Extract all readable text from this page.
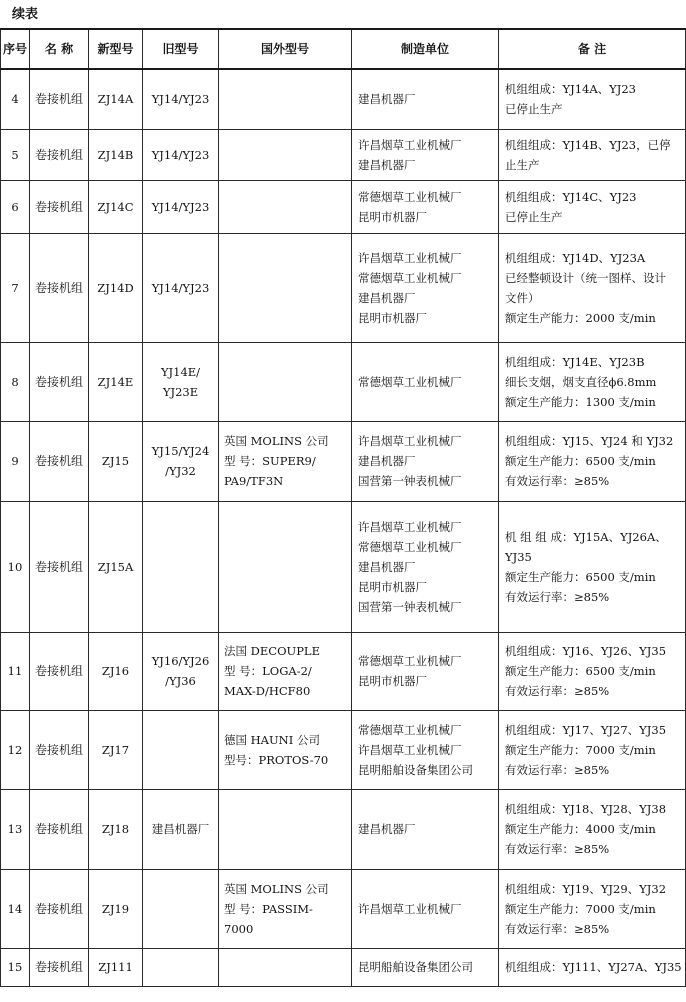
续表
序号	名 称	新型号	旧型号	国外型号	制造单位	备 注
4	卷接机组	ZJ14A	YJ14/YJ23		建昌机器厂	机组组成：YJ14A、YJ23
已停止生产

5	卷接机组	ZJ14B	YJ14/YJ23		许昌烟草工业机械厂
建昌机器厂	机组组成：YJ14B、YJ23，已停
止生产

6	卷接机组	ZJ14C	YJ14/YJ23		常德烟草工业机械厂
昆明市机器厂	机组组成：YJ14C、YJ23
已停止生产

7	卷接机组	ZJ14D	YJ14/YJ23		许昌烟草工业机械厂
常德烟草工业机械厂
建昌机器厂
昆明市机器厂	机组组成：YJ14D、YJ23A
已经整顿设计（统一图样、设计
文件）
额定生产能力：2000 支/min

8	卷接机组	ZJ14E	YJ14E/
YJ23E		常德烟草工业机械厂	机组组成：YJ14E、YJ23B
细长支烟，烟支直径ϕ6.8mm
额定生产能力：1300 支/min

9	卷接机组	ZJ15	YJ15/YJ24
/YJ32	英国 MOLINS 公司
型 号：SUPER9/
PA9/TF3N	许昌烟草工业机械厂
建昌机器厂
国营第一钟表机械厂	机组组成：YJ15、YJ24 和 YJ32
额定生产能力：6500 支/min
有效运行率：≥85%

10	卷接机组	ZJ15A			许昌烟草工业机械厂
常德烟草工业机械厂
建昌机器厂
昆明市机器厂
国营第一钟表机械厂	机 组 组 成：YJ15A、YJ26A、
YJ35
额定生产能力：6500 支/min
有效运行率：≥85%

11	卷接机组	ZJ16	YJ16/YJ26
/YJ36	法国 DECOUPLE
型 号：LOGA-2/
MAX-D/HCF80	常德烟草工业机械厂
昆明市机器厂	机组组成：YJ16、YJ26、YJ35
额定生产能力：6500 支/min
有效运行率：≥85%

12	卷接机组	ZJ17		德国 HAUNI 公司
型号：PROTOS-70	常德烟草工业机械厂
许昌烟草工业机械厂
昆明船舶设备集团公司	机组组成：YJ17、YJ27、YJ35
额定生产能力：7000 支/min
有效运行率：≥85%

13	卷接机组	ZJ18	建昌机器厂		建昌机器厂	机组组成：YJ18、YJ28、YJ38
额定生产能力：4000 支/min
有效运行率：≥85%

14	卷接机组	ZJ19		英国 MOLINS 公司
型 号：PASSIM-
7000	许昌烟草工业机械厂	机组组成：YJ19、YJ29、YJ32
额定生产能力：7000 支/min
有效运行率：≥85%

15	卷接机组	ZJ111			昆明船舶设备集团公司	机组组成：YJ111、YJ27A、YJ35
